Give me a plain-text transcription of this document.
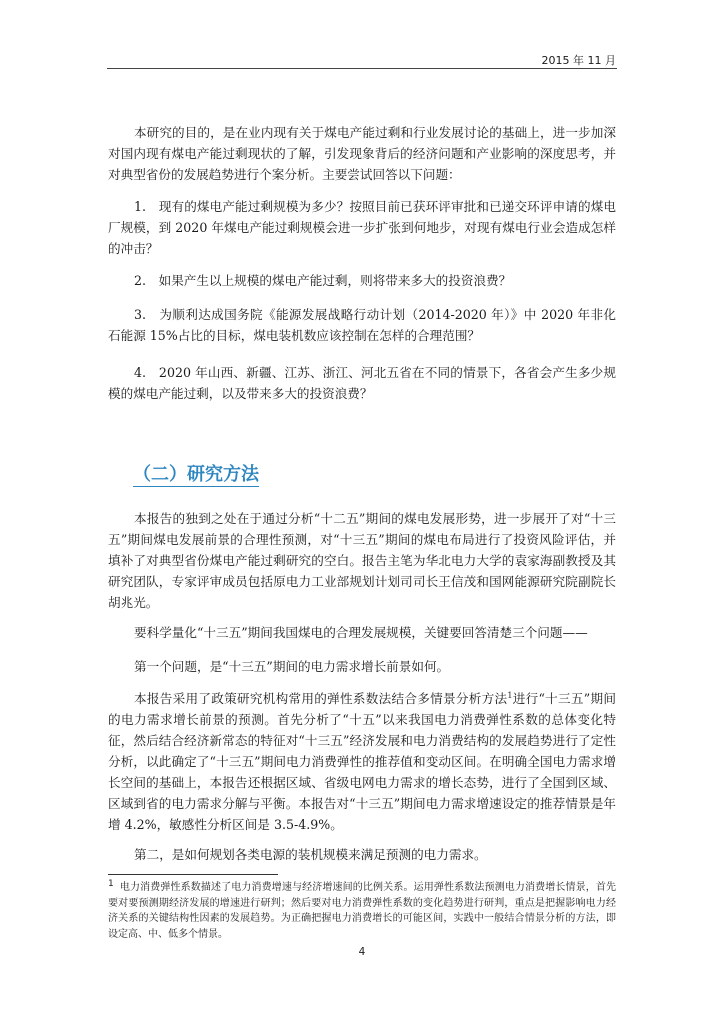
2015 年 11 月

本研究的目的，是在业内现有关于煤电产能过剩和行业发展讨论的基础上，进一步加深对国内现有煤电产能过剩现状的了解，引发现象背后的经济问题和产业影响的深度思考，并对典型省份的发展趋势进行个案分析。主要尝试回答以下问题：

1.　现有的煤电产能过剩规模为多少？按照目前已获环评审批和已递交环评申请的煤电厂规模，到 2020 年煤电产能过剩规模会进一步扩张到何地步，对现有煤电行业会造成怎样的冲击？

2.　如果产生以上规模的煤电产能过剩，则将带来多大的投资浪费？

3.　为顺利达成国务院《能源发展战略行动计划（2014-2020 年）》中 2020 年非化石能源 15%占比的目标，煤电装机数应该控制在怎样的合理范围？

4.　2020 年山西、新疆、江苏、浙江、河北五省在不同的情景下，各省会产生多少规模的煤电产能过剩，以及带来多大的投资浪费？

（二）研究方法

本报告的独到之处在于通过分析“十二五”期间的煤电发展形势，进一步展开了对“十三五”期间煤电发展前景的合理性预测，对“十三五”期间的煤电布局进行了投资风险评估，并填补了对典型省份煤电产能过剩研究的空白。报告主笔为华北电力大学的袁家海副教授及其研究团队，专家评审成员包括原电力工业部规划计划司司长王信茂和国网能源研究院副院长胡兆光。

要科学量化“十三五”期间我国煤电的合理发展规模，关键要回答清楚三个问题——

第一个问题，是“十三五”期间的电力需求增长前景如何。

本报告采用了政策研究机构常用的弹性系数法结合多情景分析方法$^1$进行“十三五”期间的电力需求增长前景的预测。首先分析了“十五”以来我国电力消费弹性系数的总体变化特征，然后结合经济新常态的特征对“十三五”经济发展和电力消费结构的发展趋势进行了定性分析，以此确定了“十三五”期间电力消费弹性的推荐值和变动区间。在明确全国电力需求增长空间的基础上，本报告还根据区域、省级电网电力需求的增长态势，进行了全国到区域、区域到省的电力需求分解与平衡。本报告对“十三五”期间电力需求增速设定的推荐情景是年增 4.2%，敏感性分析区间是 3.5-4.9%。

第二，是如何规划各类电源的装机规模来满足预测的电力需求。

1 电力消费弹性系数描述了电力消费增速与经济增速间的比例关系。运用弹性系数法预测电力消费增长情景，首先要对要预测期经济发展的增速进行研判；然后要对电力消费弹性系数的变化趋势进行研判，重点是把握影响电力经济关系的关键结构性因素的发展趋势。为正确把握电力消费增长的可能区间，实践中一般结合情景分析的方法，即设定高、中、低多个情景。

4
